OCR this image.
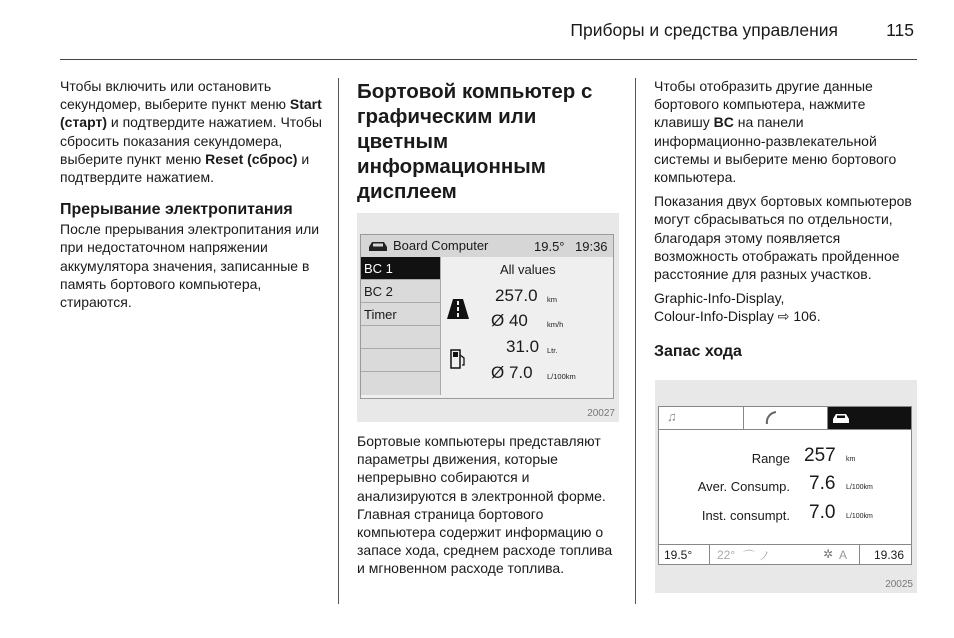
Приборы и средства управления	115

Чтобы включить или остановить секундомер, выберите пункт меню Start (старт) и подтвердите нажатием. Чтобы сбросить показания секундомера, выберите пункт меню Reset (сброс) и подтвердите нажатием.

Прерывание электропитания

После прерывания электропитания или при недостаточном напряжении аккумулятора значения, записанные в память бортового компьютера, стираются.

Бортовой компьютер с графическим или цветным информационным дисплеем
Board Computer	19.5° 19:36
BC 1
BC 2
Timer
All values
257.0 km
Ø 40	km/h
31.0 Ltr.
Ø 7.0 L/100km
20027

Бортовые компьютеры представляют параметры движения, которые непрерывно собираются и анализируются в электронной форме. Главная страница бортового компьютера содержит информацию о запасе хода, среднем расходе топлива и мгновенном расходе топлива.

Чтобы отобразить другие данные бортового компьютера, нажмите клавишу BC на панели информационно-развлекательной системы и выберите меню бортового компьютера.

Показания двух бортовых компьютеров могут сбрасываться по отдельности, благодаря этому появляется возможность отображать пройденное расстояние для разных участков.

Graphic-Info-Display,
Colour-Info-Display ⇨ 106.

Запас хода
♫
Range 257 km
Aver. Consump. 7.6 L/100km
Inst. consumpt. 7.0 L/100km
19.5° 22° ⌒ ノ	✲ A 19.36
20025
